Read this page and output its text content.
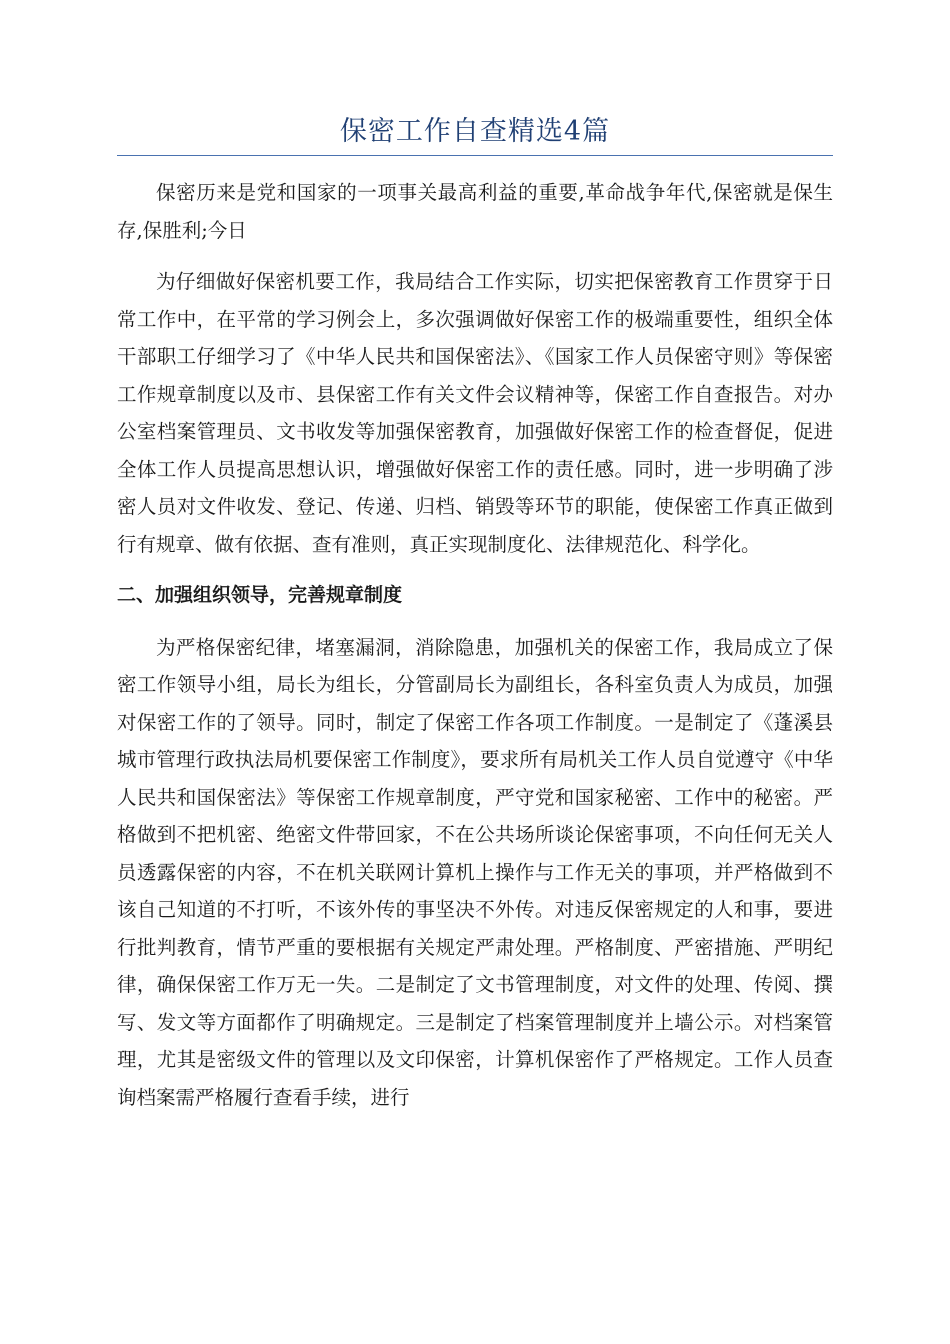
保密工作自查精选4篇

保密历来是党和国家的一项事关最高利益的重要,革命战争年代,保密就是保生存,保胜利;今日

为仔细做好保密机要工作，我局结合工作实际，切实把保密教育工作贯穿于日常工作中，在平常的学习例会上，多次强调做好保密工作的极端重要性，组织全体干部职工仔细学习了《中华人民共和国保密法》、《国家工作人员保密守则》等保密工作规章制度以及市、县保密工作有关文件会议精神等，保密工作自查报告。对办公室档案管理员、文书收发等加强保密教育，加强做好保密工作的检查督促，促进全体工作人员提高思想认识，增强做好保密工作的责任感。同时，进一步明确了涉密人员对文件收发、登记、传递、归档、销毁等环节的职能，使保密工作真正做到行有规章、做有依据、查有准则，真正实现制度化、法律规范化、科学化。

二、加强组织领导，完善规章制度

为严格保密纪律，堵塞漏洞，消除隐患，加强机关的保密工作，我局成立了保密工作领导小组，局长为组长，分管副局长为副组长，各科室负责人为成员，加强对保密工作的了领导。同时，制定了保密工作各项工作制度。一是制定了《蓬溪县城市管理行政执法局机要保密工作制度》，要求所有局机关工作人员自觉遵守《中华人民共和国保密法》等保密工作规章制度，严守党和国家秘密、工作中的秘密。严格做到不把机密、绝密文件带回家，不在公共场所谈论保密事项，不向任何无关人员透露保密的内容，不在机关联网计算机上操作与工作无关的事项，并严格做到不该自己知道的不打听，不该外传的事坚决不外传。对违反保密规定的人和事，要进行批判教育，情节严重的要根据有关规定严肃处理。严格制度、严密措施、严明纪律，确保保密工作万无一失。二是制定了文书管理制度，对文件的处理、传阅、撰写、发文等方面都作了明确规定。三是制定了档案管理制度并上墙公示。对档案管理，尤其是密级文件的管理以及文印保密，计算机保密作了严格规定。工作人员查询档案需严格履行查看手续，进行
